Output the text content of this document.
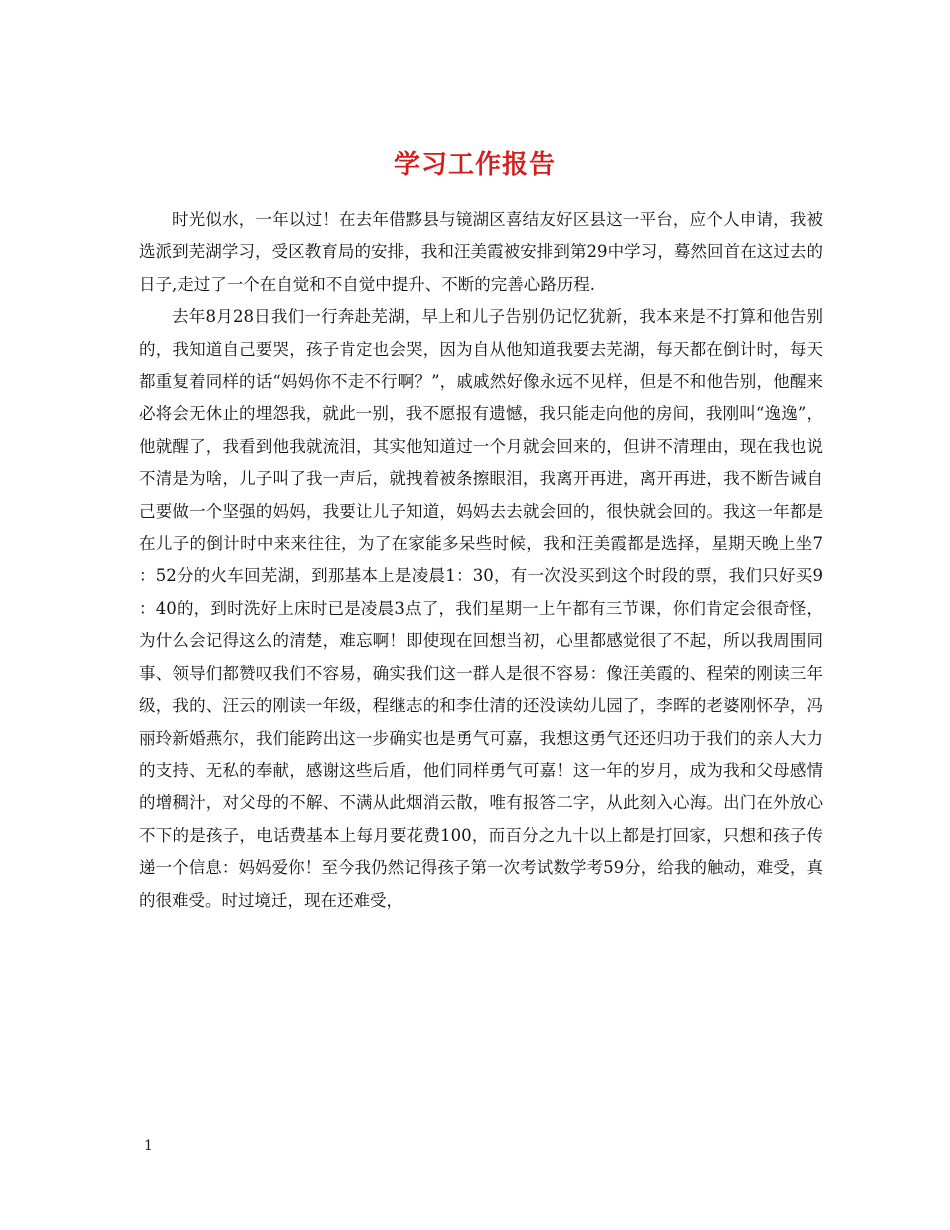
学习工作报告

时光似水，一年以过！在去年借黟县与镜湖区喜结友好区县这一平台，应个人申请，我被选派到芜湖学习，受区教育局的安排，我和汪美霞被安排到第29中学习，蓦然回首在这过去的日子,走过了一个在自觉和不自觉中提升、不断的完善心路历程.

去年8月28日我们一行奔赴芜湖，早上和儿子告别仍记忆犹新，我本来是不打算和他告别的，我知道自己要哭，孩子肯定也会哭，因为自从他知道我要去芜湖，每天都在倒计时，每天都重复着同样的话“妈妈你不走不行啊？”，戚戚然好像永远不见样，但是不和他告别，他醒来必将会无休止的埋怨我，就此一别，我不愿报有遗憾，我只能走向他的房间，我刚叫“逸逸”，他就醒了，我看到他我就流泪，其实他知道过一个月就会回来的，但讲不清理由，现在我也说不清是为啥，儿子叫了我一声后，就拽着被条擦眼泪，我离开再进，离开再进，我不断告诫自己要做一个坚强的妈妈，我要让儿子知道，妈妈去去就会回的，很快就会回的。我这一年都是在儿子的倒计时中来来往往，为了在家能多呆些时候，我和汪美霞都是选择，星期天晚上坐7：52分的火车回芜湖，到那基本上是凌晨1：30，有一次没买到这个时段的票，我们只好买9：40的，到时洗好上床时已是凌晨3点了，我们星期一上午都有三节课，你们肯定会很奇怪，为什么会记得这么的清楚，难忘啊！即使现在回想当初，心里都感觉很了不起，所以我周围同事、领导们都赞叹我们不容易，确实我们这一群人是很不容易：像汪美霞的、程荣的刚读三年级，我的、汪云的刚读一年级，程继志的和李仕清的还没读幼儿园了，李晖的老婆刚怀孕，冯丽玲新婚燕尔，我们能跨出这一步确实也是勇气可嘉，我想这勇气还还归功于我们的亲人大力的支持、无私的奉献，感谢这些后盾，他们同样勇气可嘉！这一年的岁月，成为我和父母感情的增稠汁，对父母的不解、不满从此烟消云散，唯有报答二字，从此刻入心海。出门在外放心不下的是孩子，电话费基本上每月要花费100，而百分之九十以上都是打回家，只想和孩子传递一个信息：妈妈爱你！至今我仍然记得孩子第一次考试数学考59分，给我的触动，难受，真的很难受。时过境迁，现在还难受，

1
